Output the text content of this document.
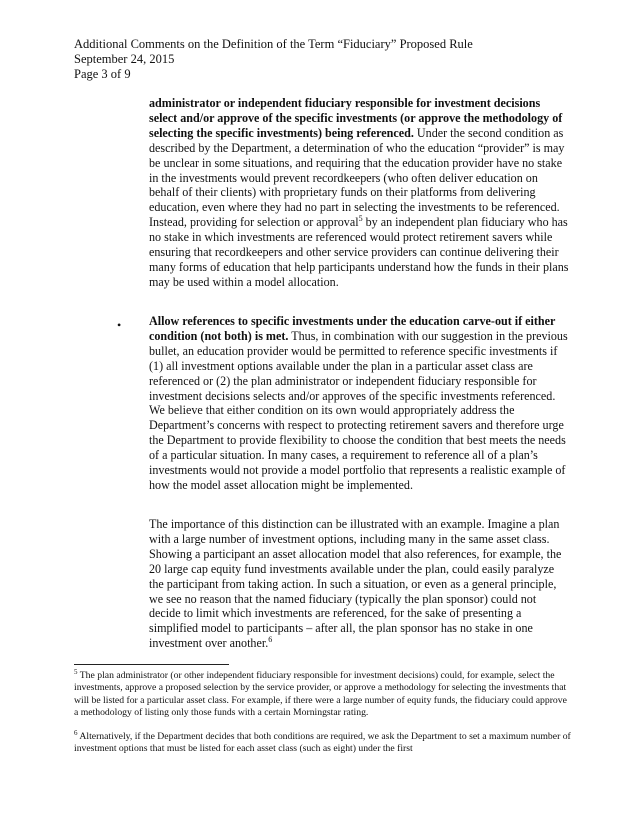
Additional Comments on the Definition of the Term “Fiduciary” Proposed Rule
September 24, 2015
Page 3 of 9
administrator or independent fiduciary responsible for investment decisions select and/or approve of the specific investments (or approve the methodology of selecting the specific investments) being referenced. Under the second condition as described by the Department, a determination of who the education “provider” is may be unclear in some situations, and requiring that the education provider have no stake in the investments would prevent recordkeepers (who often deliver education on behalf of their clients) with proprietary funds on their platforms from delivering education, even where they had no part in selecting the investments to be referenced. Instead, providing for selection or approval$^5$ by an independent plan fiduciary who has no stake in which investments are referenced would protect retirement savers while ensuring that recordkeepers and other service providers can continue delivering their many forms of education that help participants understand how the funds in their plans may be used within a model allocation.
• Allow references to specific investments under the education carve-out if either condition (not both) is met. Thus, in combination with our suggestion in the previous bullet, an education provider would be permitted to reference specific investments if (1) all investment options available under the plan in a particular asset class are referenced or (2) the plan administrator or independent fiduciary responsible for investment decisions selects and/or approves of the specific investments referenced. We believe that either condition on its own would appropriately address the Department’s concerns with respect to protecting retirement savers and therefore urge the Department to provide flexibility to choose the condition that best meets the needs of a particular situation. In many cases, a requirement to reference all of a plan’s investments would not provide a model portfolio that represents a realistic example of how the model asset allocation might be implemented.
The importance of this distinction can be illustrated with an example. Imagine a plan with a large number of investment options, including many in the same asset class. Showing a participant an asset allocation model that also references, for example, the 20 large cap equity fund investments available under the plan, could easily paralyze the participant from taking action. In such a situation, or even as a general principle, we see no reason that the named fiduciary (typically the plan sponsor) could not decide to limit which investments are referenced, for the sake of presenting a simplified model to participants – after all, the plan sponsor has no stake in one investment over another.$^6$
$^5$ The plan administrator (or other independent fiduciary responsible for investment decisions) could, for example, select the investments, approve a proposed selection by the service provider, or approve a methodology for selecting the investments that will be listed for a particular asset class. For example, if there were a large number of equity funds, the fiduciary could approve a methodology of listing only those funds with a certain Morningstar rating.
$^6$ Alternatively, if the Department decides that both conditions are required, we ask the Department to set a maximum number of investment options that must be listed for each asset class (such as eight) under the first
